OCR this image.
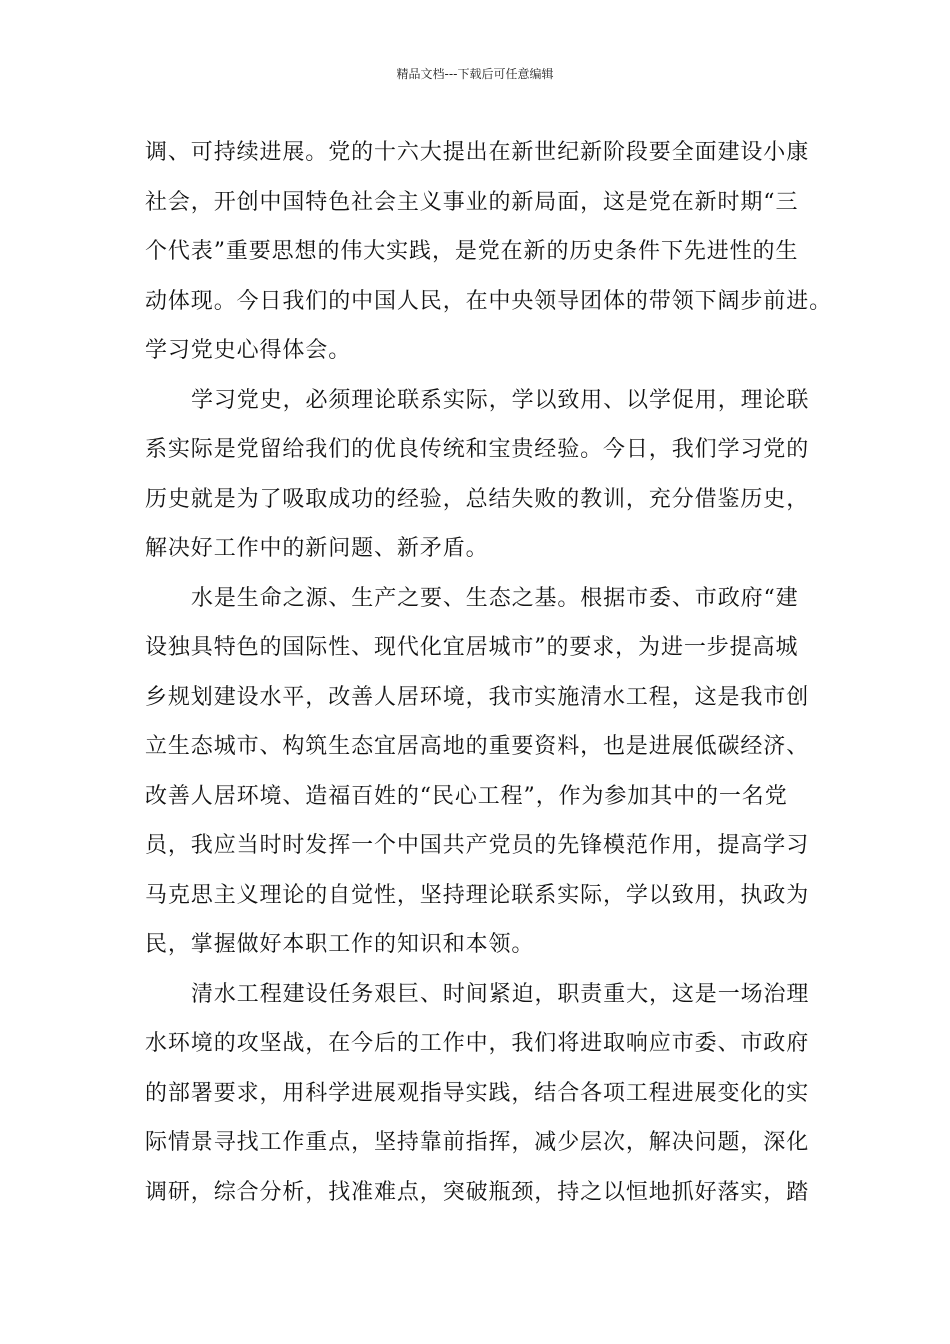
精品文档---下载后可任意编辑
调、可持续进展。党的十六大提出在新世纪新阶段要全面建设小康
社会，开创中国特色社会主义事业的新局面，这是党在新时期“三
个代表”重要思想的伟大实践，是党在新的历史条件下先进性的生
动体现。今日我们的中国人民，在中央领导团体的带领下阔步前进。
学习党史心得体会。
学习党史，必须理论联系实际，学以致用、以学促用，理论联
系实际是党留给我们的优良传统和宝贵经验。今日，我们学习党的
历史就是为了吸取成功的经验，总结失败的教训，充分借鉴历史，
解决好工作中的新问题、新矛盾。
水是生命之源、生产之要、生态之基。根据市委、市政府“建
设独具特色的国际性、现代化宜居城市”的要求，为进一步提高城
乡规划建设水平，改善人居环境，我市实施清水工程，这是我市创
立生态城市、构筑生态宜居高地的重要资料，也是进展低碳经济、
改善人居环境、造福百姓的“民心工程”，作为参加其中的一名党
员，我应当时时发挥一个中国共产党员的先锋模范作用，提高学习
马克思主义理论的自觉性，坚持理论联系实际，学以致用，执政为
民，掌握做好本职工作的知识和本领。
清水工程建设任务艰巨、时间紧迫，职责重大，这是一场治理
水环境的攻坚战，在今后的工作中，我们将进取响应市委、市政府
的部署要求，用科学进展观指导实践，结合各项工程进展变化的实
际情景寻找工作重点，坚持靠前指挥，减少层次，解决问题，深化
调研，综合分析，找准难点，突破瓶颈，持之以恒地抓好落实，踏
